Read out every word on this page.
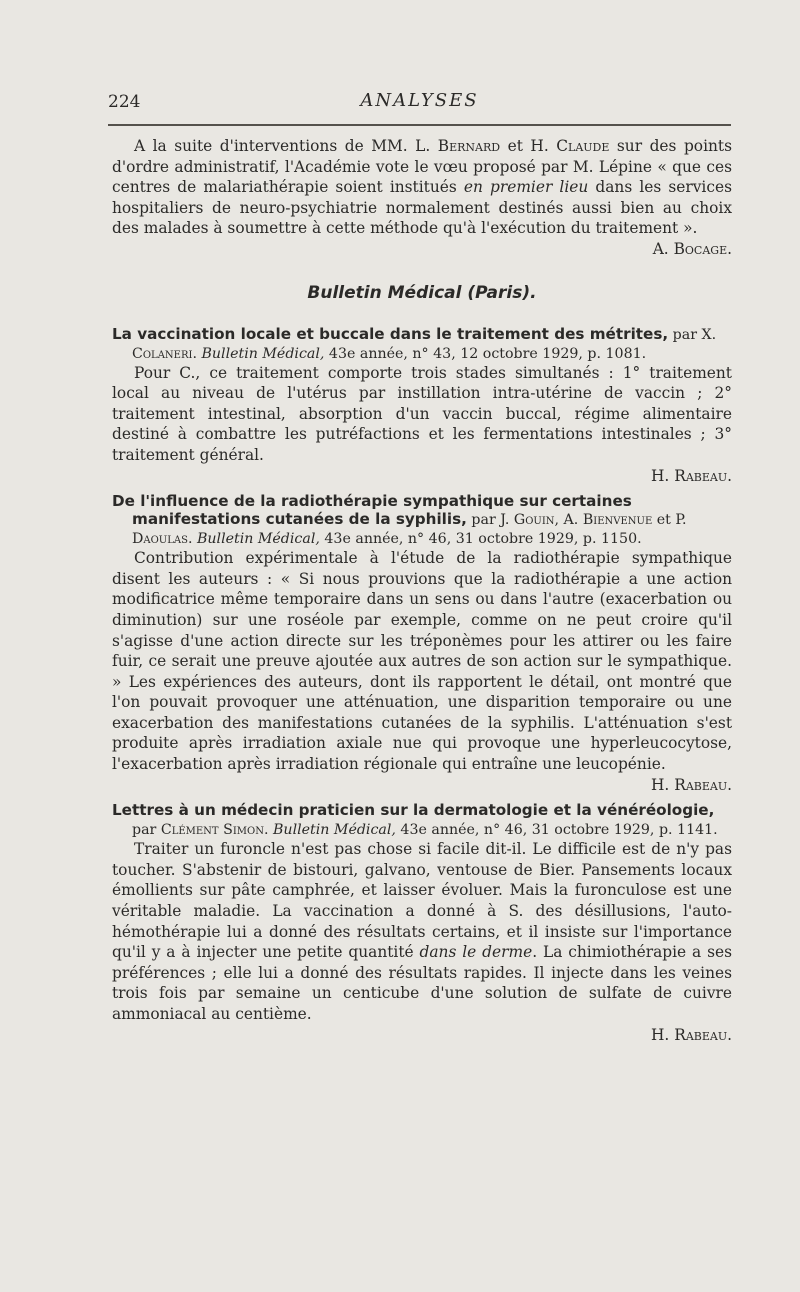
224	ANALYSES

A la suite d'interventions de MM. L. Bernard et H. Claude sur des points d'ordre administratif, l'Académie vote le vœu proposé par M. Lépine « que ces centres de malariathérapie soient institués en premier lieu dans les services hospitaliers de neuro-psychiatrie normalement destinés aussi bien au choix des malades à soumettre à cette méthode qu'à l'exécution du traitement ».
A. Bocage.

Bulletin Médical (Paris).

La vaccination locale et buccale dans le traitement des métrites, par X. Colaneri. Bulletin Médical, 43e année, n° 43, 12 octobre 1929, p. 1081.

Pour C., ce traitement comporte trois stades simultanés : 1° traitement local au niveau de l'utérus par instillation intra-utérine de vaccin ; 2° traitement intestinal, absorption d'un vaccin buccal, régime alimentaire destiné à combattre les putréfactions et les fermentations intestinales ; 3° traitement général.
H. Rabeau.

De l'influence de la radiothérapie sympathique sur certaines manifestations cutanées de la syphilis, par J. Gouin, A. Bienvenue et P. Daoulas. Bulletin Médical, 43e année, n° 46, 31 octobre 1929, p. 1150.

Contribution expérimentale à l'étude de la radiothérapie sympathique disent les auteurs : « Si nous prouvions que la radiothérapie a une action modificatrice même temporaire dans un sens ou dans l'autre (exacerbation ou diminution) sur une roséole par exemple, comme on ne peut croire qu'il s'agisse d'une action directe sur les tréponèmes pour les attirer ou les faire fuir, ce serait une preuve ajoutée aux autres de son action sur le sympathique. » Les expériences des auteurs, dont ils rapportent le détail, ont montré que l'on pouvait provoquer une atténuation, une disparition temporaire ou une exacerbation des manifestations cutanées de la syphilis. L'atténuation s'est produite après irradiation axiale nue qui provoque une hyperleucocytose, l'exacerbation après irradiation régionale qui entraîne une leucopénie.
H. Rabeau.

Lettres à un médecin praticien sur la dermatologie et la vénéréologie, par Clément Simon. Bulletin Médical, 43e année, n° 46, 31 octobre 1929, p. 1141.

Traiter un furoncle n'est pas chose si facile dit-il. Le difficile est de n'y pas toucher. S'abstenir de bistouri, galvano, ventouse de Bier. Pansements locaux émollients sur pâte camphrée, et laisser évoluer. Mais la furonculose est une véritable maladie. La vaccination a donné à S. des désillusions, l'auto-hémothérapie lui a donné des résultats certains, et il insiste sur l'importance qu'il y a à injecter une petite quantité dans le derme. La chimiothérapie a ses préférences ; elle lui a donné des résultats rapides. Il injecte dans les veines trois fois par semaine un centicube d'une solution de sulfate de cuivre ammoniacal au centième.
H. Rabeau.
